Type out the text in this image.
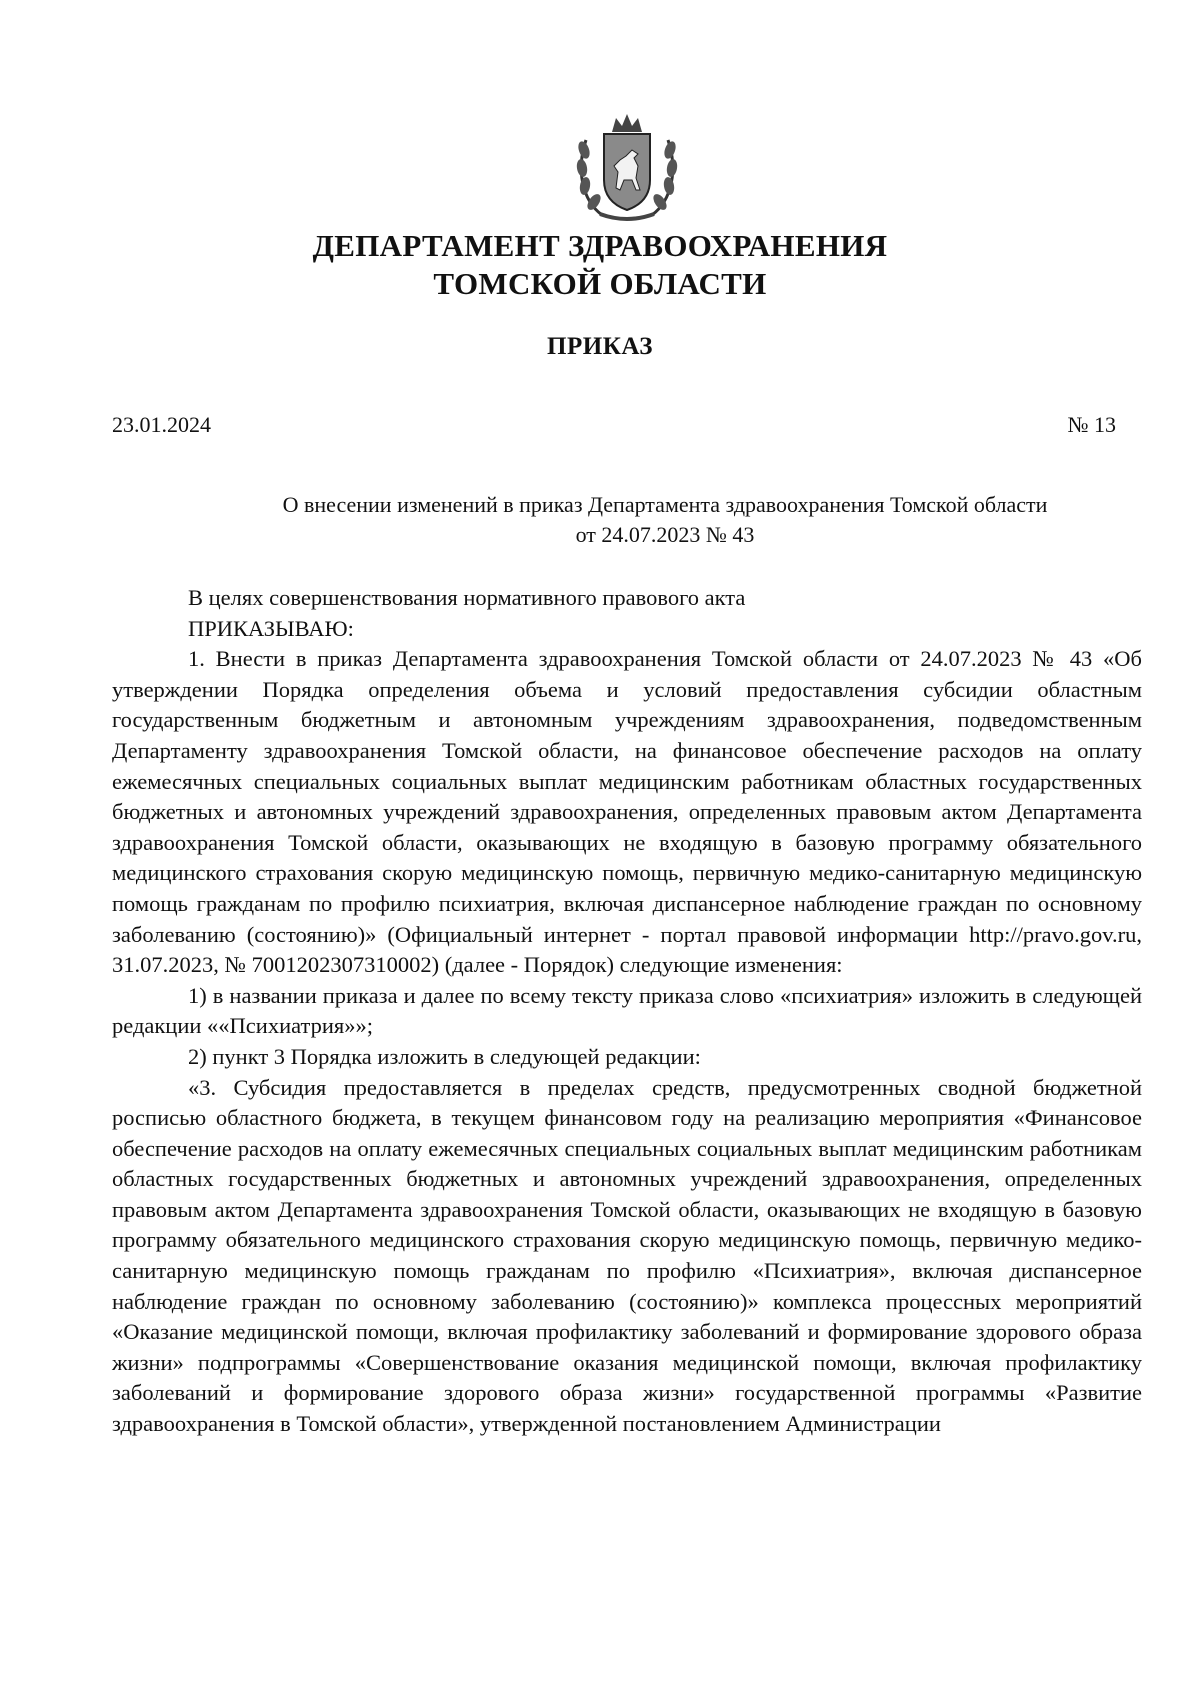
ДЕПАРТАМЕНТ ЗДРАВООХРАНЕНИЯ
ТОМСКОЙ ОБЛАСТИ
ПРИКАЗ
23.01.2024	№ 13
О внесении изменений в приказ Департамента здравоохранения Томской области
от 24.07.2023 № 43

В целях совершенствования нормативного правового акта

ПРИКАЗЫВАЮ:

1. Внести в приказ Департамента здравоохранения Томской области от 24.07.2023 № 43 «Об утверждении Порядка определения объема и условий предоставления субсидии областным государственным бюджетным и автономным учреждениям здравоохранения, подведомственным Департаменту здравоохранения Томской области, на финансовое обеспечение расходов на оплату ежемесячных специальных социальных выплат медицинским работникам областных государственных бюджетных и автономных учреждений здравоохранения, определенных правовым актом Департамента здравоохранения Томской области, оказывающих не входящую в базовую программу обязательного медицинского страхования скорую медицинскую помощь, первичную медико-санитарную медицинскую помощь гражданам по профилю психиатрия, включая диспансерное наблюдение граждан по основному заболеванию (состоянию)» (Официальный интернет - портал правовой информации http://pravo.gov.ru, 31.07.2023, № 7001202307310002) (далее - Порядок) следующие изменения:

1) в названии приказа и далее по всему тексту приказа слово «психиатрия» изложить в следующей редакции ««Психиатрия»»;

2) пункт 3 Порядка изложить в следующей редакции:

«3. Субсидия предоставляется в пределах средств, предусмотренных сводной бюджетной росписью областного бюджета, в текущем финансовом году на реализацию мероприятия «Финансовое обеспечение расходов на оплату ежемесячных специальных социальных выплат медицинским работникам областных государственных бюджетных и автономных учреждений здравоохранения, определенных правовым актом Департамента здравоохранения Томской области, оказывающих не входящую в базовую программу обязательного медицинского страхования скорую медицинскую помощь, первичную медико-санитарную медицинскую помощь гражданам по профилю «Психиатрия», включая диспансерное наблюдение граждан по основному заболеванию (состоянию)» комплекса процессных мероприятий «Оказание медицинской помощи, включая профилактику заболеваний и формирование здорового образа жизни» подпрограммы «Совершенствование оказания медицинской помощи, включая профилактику заболеваний и формирование здорового образа жизни» государственной программы «Развитие здравоохранения в Томской области», утвержденной постановлением Администрации
